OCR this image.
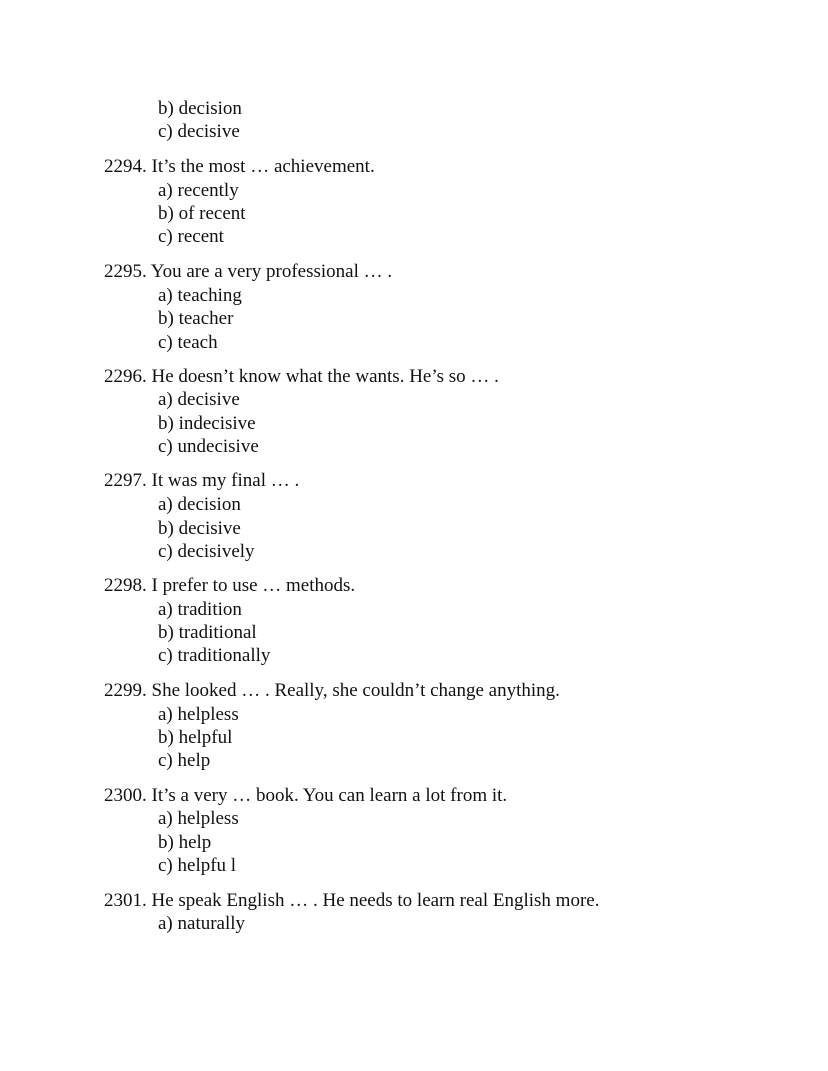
b) decision
c) decisive
2294. It’s the most … achievement.
a) recently
b) of recent
c) recent
2295. You are a very professional … .
a) teaching
b) teacher
c) teach
2296. He doesn’t know what the wants. He’s so … .
a) decisive
b) indecisive
c) undecisive
2297. It was my final … .
a) decision
b) decisive
c) decisively
2298. I prefer to use … methods.
a) tradition
b) traditional
c) traditionally
2299. She looked … . Really, she couldn’t change anything.
a) helpless
b) helpful
c) help
2300. It’s a very … book. You can learn a lot from it.
a) helpless
b) help
c) helpfu l
2301. He speak English … . He needs to learn real English more.
a) naturally
